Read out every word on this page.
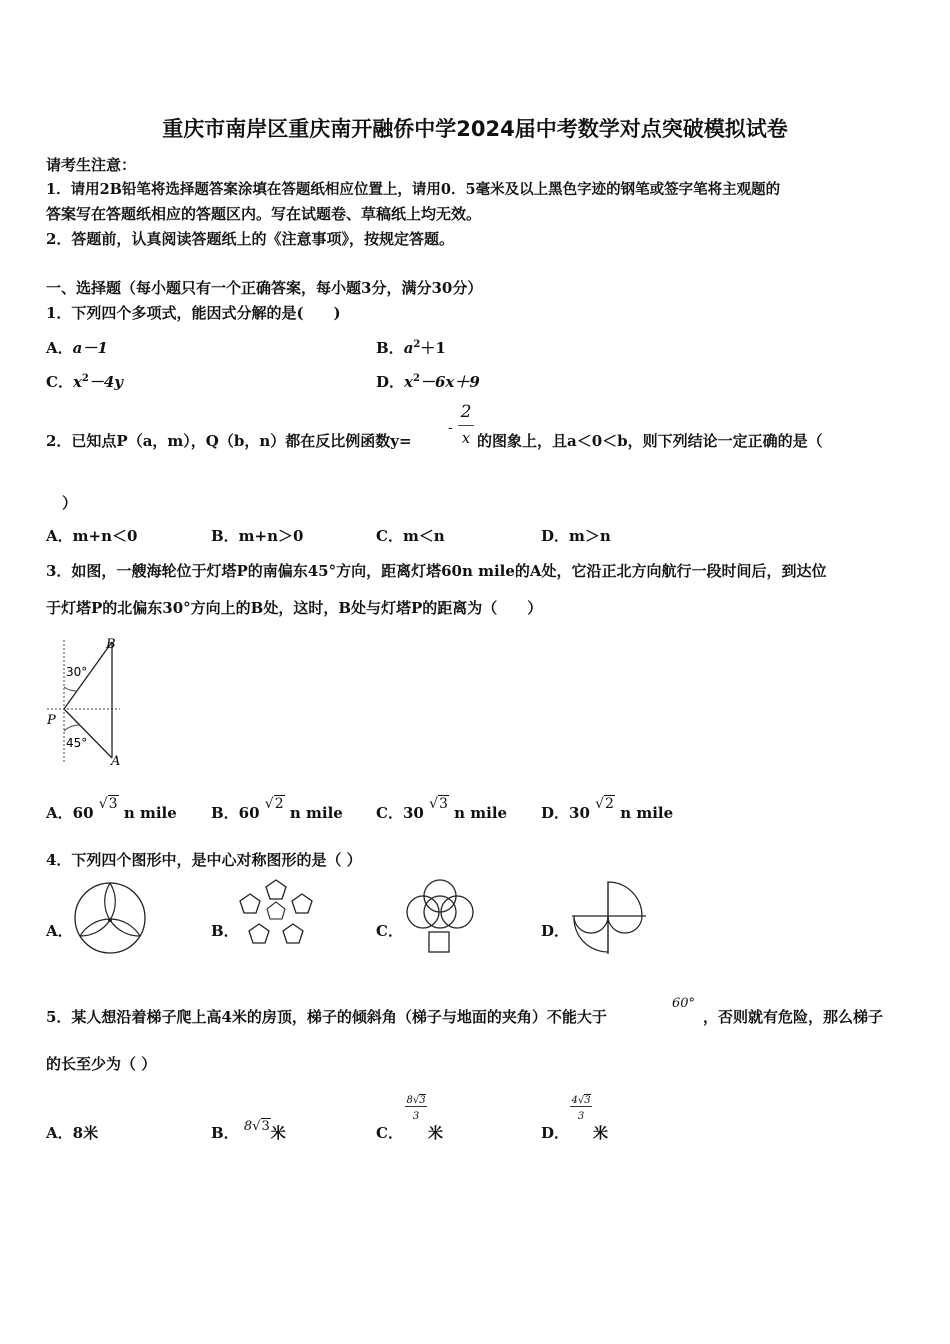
重庆市南岸区重庆南开融侨中学2024届中考数学对点突破模拟试卷
请考生注意：
1．请用2B铅笔将选择题答案涂填在答题纸相应位置上，请用0．5毫米及以上黑色字迹的钢笔或签字笔将主观题的
答案写在答题纸相应的答题区内。写在试题卷、草稿纸上均无效。
2．答题前，认真阅读答题纸上的《注意事项》，按规定答题。
一、选择题（每小题只有一个正确答案，每小题3分，满分30分）
1．下列四个多项式，能因式分解的是(　　)
A．a－1	B．$a^2+1$
C．$x^2-4y$	D．$x^2-6x+9$
2．已知点P（a，m），Q（b，n）都在反比例函数y=
-
2
x 的图象上，且a＜0＜b，则下列结论一定正确的是（
）
A．m+n＜0	B．m+n＞0	C．m＜n	D．m＞n
3．如图，一艘海轮位于灯塔P的南偏东45°方向，距离灯塔60n mile的A处，它沿正北方向航行一段时间后，到达位
于灯塔P的北偏东30°方向上的B处，这时，B处与灯塔P的距离为（　　）
B
P
A
30°
45°
A．60 √3 n mile B．60 √2 n mile C．30 √3 n mile D．30 √2 n mile
4．下列四个图形中，是中心对称图形的是（ ）
A．	B．	C．	D．
5．某人想沿着梯子爬上高4米的房顶，梯子的倾斜角（梯子与地面的夹角）不能大于
60°
，否则就有危险，那么梯子
的长至少为（ ）
A．8米	B． 8√3米	C．
8√3
3
米	D．
4√3
3
米
